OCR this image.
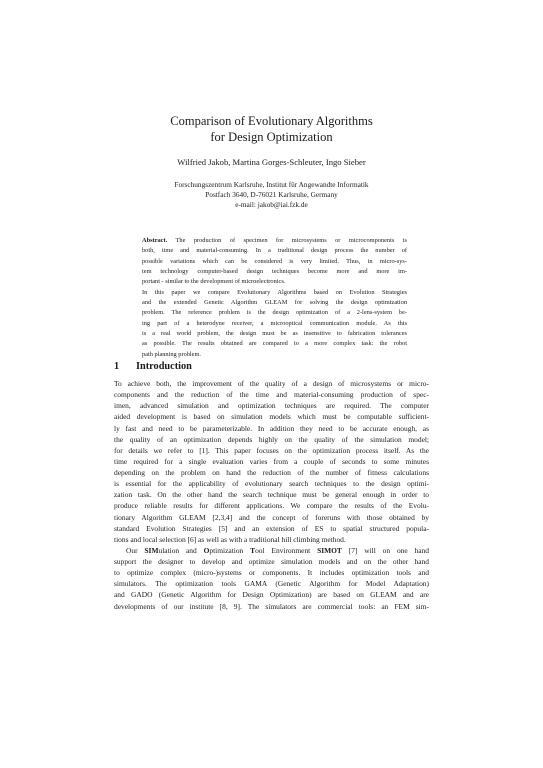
Comparison of Evolutionary Algorithms
for Design Optimization
Wilfried Jakob, Martina Gorges-Schleuter, Ingo Sieber
Forschungszentrum Karlsruhe, Institut für Angewandte Informatik
Postfach 3640, D-76021 Karlsruhe, Germany
e-mail: jakob@iai.fzk.de
Abstract. The production of specimen for microsystems or microcomponents is
both, time and material-consuming. In a traditional design process the number of
possible variations which can be considered is very limited. Thus, in micro-sys-
tem technology computer-based design techniques become more and more im-
portant - similar to the development of microelectronics.
In this paper we compare Evolutionary Algorithms based on Evolution Strategies
and the extended Genetic Algorithm GLEAM for solving the design optimization
problem. The reference problem is the design optimization of a 2-lens-system be-
ing part of a heterodyne receiver, a microoptical communication module. As this
is a real world problem, the design must be as insensitive to fabrication tolerances
as possible. The results obtained are compared to a more complex task: the robot
path planning problem.
1 Introduction
To achieve both, the improvement of the quality of a design of microsystems or micro-
components and the reduction of the time and material-consuming production of spec-
imen, advanced simulation and optimization techniques are required. The computer
aided development is based on simulation models which must be computable sufficient-
ly fast and need to be parameterizable. In addition they need to be accurate enough, as
the quality of an optimization depends highly on the quality of the simulation model;
for details we refer to [1]. This paper focuses on the optimization process itself. As the
time required for a single evaluation varies from a couple of seconds to some minutes
depending on the problem on hand the reduction of the number of fitness calculations
is essential for the applicability of evolutionary search techniques to the design optimi-
zation task. On the other hand the search technique must be general enough in order to
produce reliable results for different applications. We compare the results of the Evolu-
tionary Algorithm GLEAM [2,3,4] and the concept of foreruns with those obtained by
standard Evolution Strategies [5] and an extension of ES to spatial structured popula-
tions and local selection [6] as well as with a traditional hill climbing method.
Our SIMulation and Optimization Tool Environment SIMOT [7] will on one hand
support the designer to develop and optimize simulation models and on the other hand
to optimize complex (micro-)systems or components. It includes optimization tools and
simulators. The optimization tools GAMA (Genetic Algorithm for Model Adaptation)
and GADO (Genetic Algorithm for Design Optimization) are based on GLEAM and are
developments of our institute [8, 9]. The simulators are commercial tools: an FEM sim-
